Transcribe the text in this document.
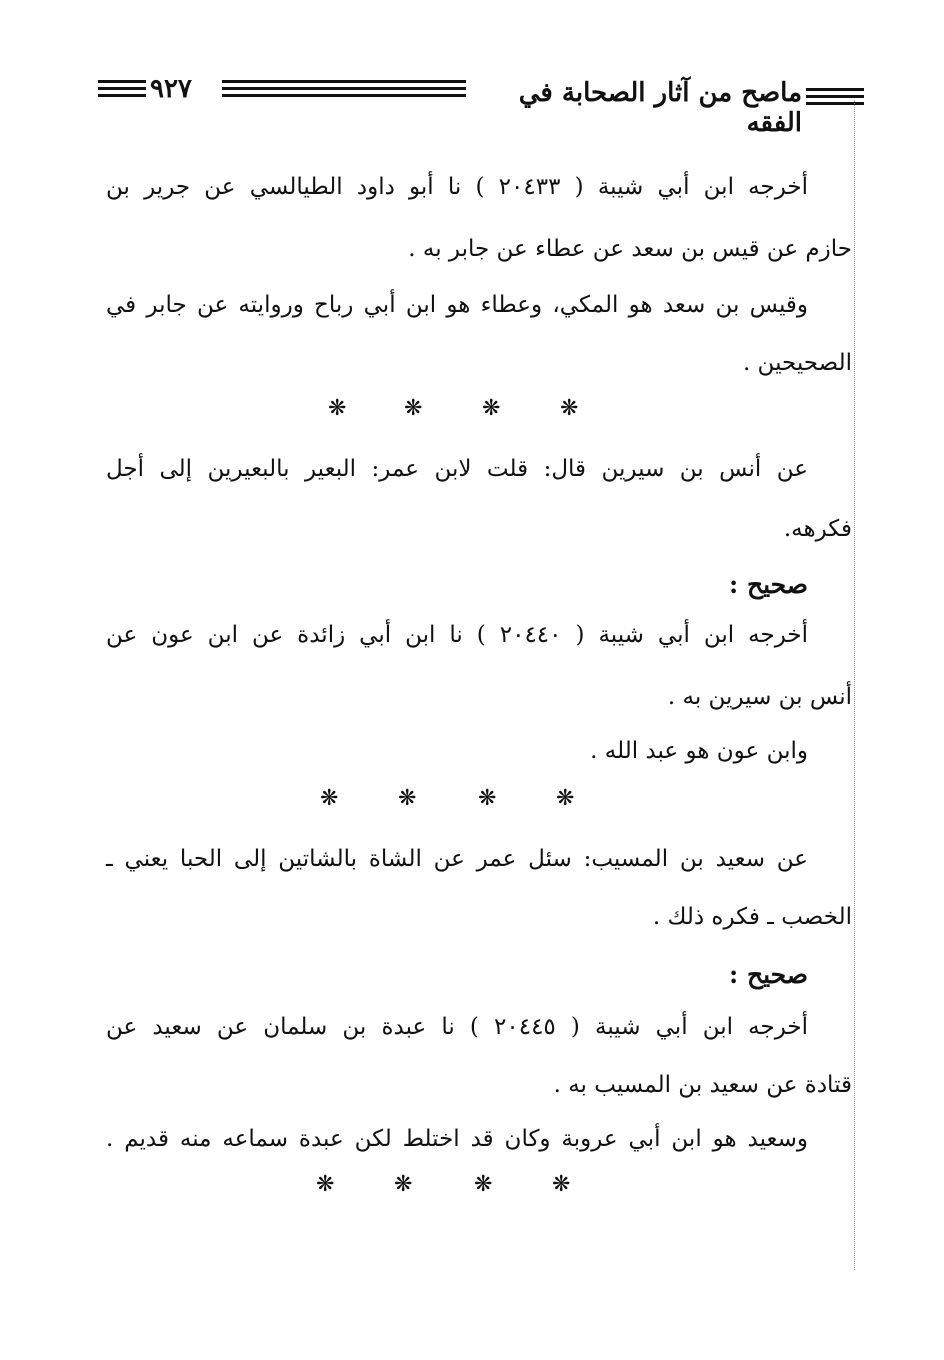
٩٢٧	ماصح من آثار الصحابة في الفقه
أخرجه ابن أبي شيبة ( ٢٠٤٣٣ ) نا أبو داود الطيالسي عن جرير بن
حازم عن قيس بن سعد عن عطاء عن جابر به .
وقيس بن سعد هو المكي، وعطاء هو ابن أبي رباح وروايته عن جابر في
الصحيحين .
❋	❋	❋	❋
عن أنس بن سيرين قال: قلت لابن عمر: البعير بالبعيرين إلى أجل
فكرهه.
صحيح :
أخرجه ابن أبي شيبة ( ٢٠٤٤٠ ) نا ابن أبي زائدة عن ابن عون عن
أنس بن سيرين به .
وابن عون هو عبد الله .
❋	❋	❋	❋
عن سعيد بن المسيب: سئل عمر عن الشاة بالشاتين إلى الحبا يعني ـ
الخصب ـ فكره ذلك .
صحيح :
أخرجه ابن أبي شيبة ( ٢٠٤٤٥ ) نا عبدة بن سلمان عن سعيد عن
قتادة عن سعيد بن المسيب به .
وسعيد هو ابن أبي عروبة وكان قد اختلط لكن عبدة سماعه منه قديم .
❋	❋	❋	❋
